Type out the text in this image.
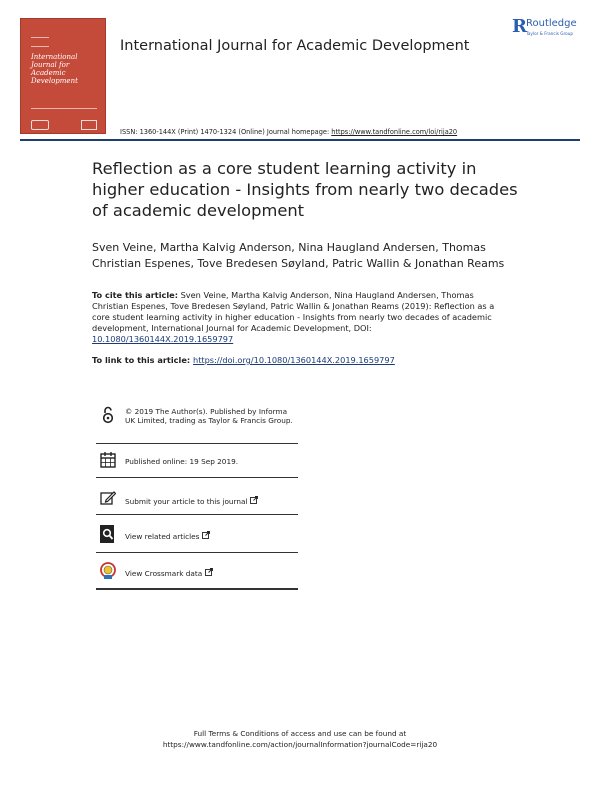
International
Journal for
Academic
Development
International Journal for Academic Development
R Routledge
Taylor & Francis Group
ISSN: 1360-144X (Print) 1470-1324 (Online) Journal homepage: https://www.tandfonline.com/loi/rija20
Reflection as a core student learning activity in higher education - Insights from nearly two decades of academic development
Sven Veine, Martha Kalvig Anderson, Nina Haugland Andersen, Thomas Christian Espenes, Tove Bredesen Søyland, Patric Wallin & Jonathan Reams
To cite this article: Sven Veine, Martha Kalvig Anderson, Nina Haugland Andersen, Thomas Christian Espenes, Tove Bredesen Søyland, Patric Wallin & Jonathan Reams (2019): Reflection as a core student learning activity in higher education - Insights from nearly two decades of academic development, International Journal for Academic Development, DOI: 10.1080/1360144X.2019.1659797
To link to this article: https://doi.org/10.1080/1360144X.2019.1659797
© 2019 The Author(s). Published by Informa UK Limited, trading as Taylor & Francis Group.
Published online: 19 Sep 2019.
Submit your article to this journal
View related articles
View Crossmark data
Full Terms & Conditions of access and use can be found at
https://www.tandfonline.com/action/journalInformation?journalCode=rija20
